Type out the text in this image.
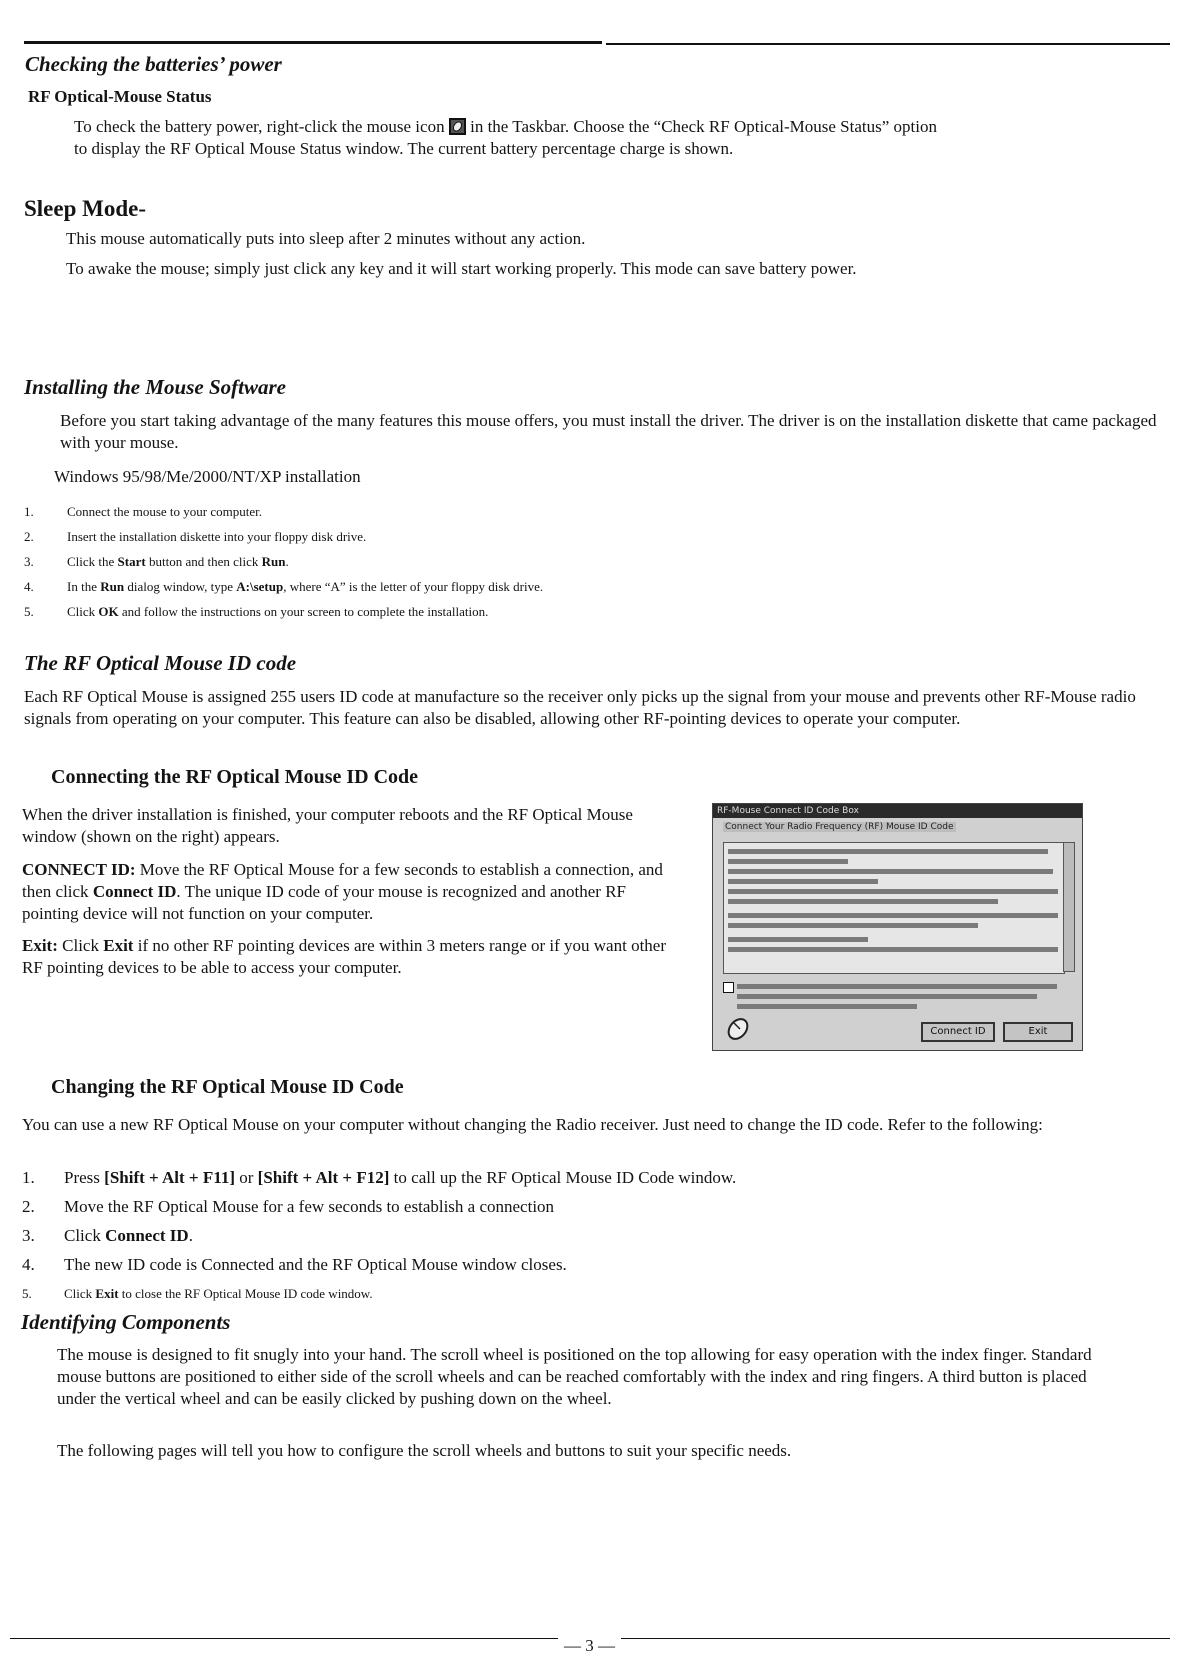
Checking the batteries’ power
RF Optical-Mouse Status
To check the battery power, right-click the mouse icon in the Taskbar. Choose the “Check RF Optical-Mouse Status” option
to display the RF Optical Mouse Status window. The current battery percentage charge is shown.
Sleep Mode-
This mouse automatically puts into sleep after 2 minutes without any action.
To awake the mouse; simply just click any key and it will start working properly. This mode can save battery power.
Installing the Mouse Software
Before you start taking advantage of the many features this mouse offers, you must install the driver. The driver is on the installation diskette that came packaged with your mouse.
Windows 95/98/Me/2000/NT/XP installation
1.	Connect the mouse to your computer.
2.	Insert the installation diskette into your floppy disk drive.
3.	Click the Start button and then click Run.
4.	In the Run dialog window, type A:\setup, where “A” is the letter of your floppy disk drive.
5.	Click OK and follow the instructions on your screen to complete the installation.
The RF Optical Mouse ID code
Each RF Optical Mouse is assigned 255 users ID code at manufacture so the receiver only picks up the signal from your mouse and prevents other RF-Mouse radio signals from operating on your computer. This feature can also be disabled, allowing other RF-pointing devices to operate your computer.
Connecting the RF Optical Mouse ID Code
When the driver installation is finished, your computer reboots and the RF Optical Mouse window (shown on the right) appears.
CONNECT ID: Move the RF Optical Mouse for a few seconds to establish a connection, and then click Connect ID. The unique ID code of your mouse is recognized and another RF pointing device will not function on your computer.
Exit: Click Exit if no other RF pointing devices are within 3 meters range or if you want other RF pointing devices to be able to access your computer.
RF-Mouse Connect ID Code Box
Connect Your Radio Frequency (RF) Mouse ID Code
Connect ID	Exit
Changing the RF Optical Mouse ID Code
You can use a new RF Optical Mouse on your computer without changing the Radio receiver. Just need to change the ID code. Refer to the following:
1. Press [Shift + Alt + F11] or [Shift + Alt + F12] to call up the RF Optical Mouse ID Code window.
2. Move the RF Optical Mouse for a few seconds to establish a connection
3. Click Connect ID.
4. The new ID code is Connected and the RF Optical Mouse window closes.
5. Click Exit to close the RF Optical Mouse ID code window.
Identifying Components
The mouse is designed to fit snugly into your hand. The scroll wheel is positioned on the top allowing for easy operation with the index finger. Standard mouse buttons are positioned to either side of the scroll wheels and can be reached comfortably with the index and ring fingers. A third button is placed under the vertical wheel and can be easily clicked by pushing down on the wheel.
The following pages will tell you how to configure the scroll wheels and buttons to suit your specific needs.
— 3 —
